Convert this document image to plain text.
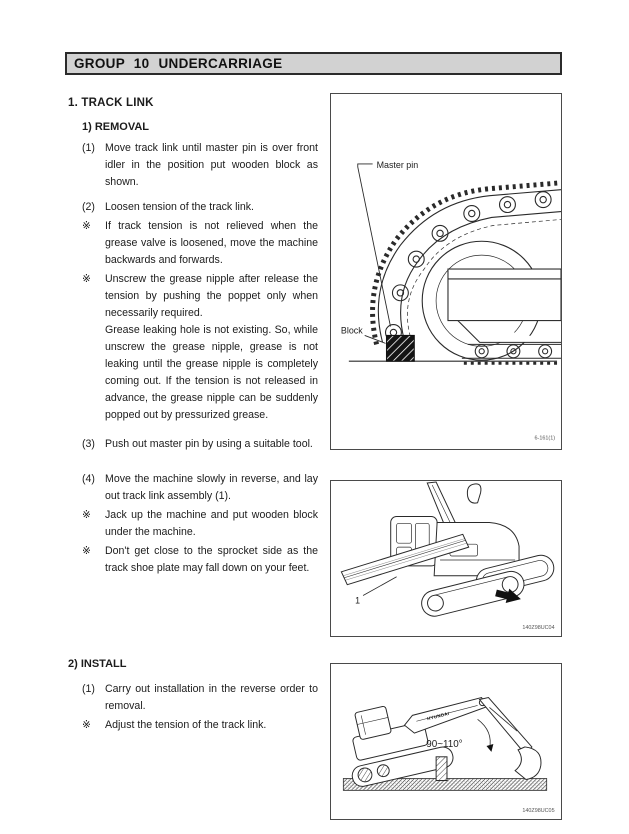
GROUP 10 UNDERCARRIAGE
1. TRACK LINK
1) REMOVAL
(1) Move track link until master pin is over front idler in the position put wooden block as shown.
(2) Loosen tension of the track link.
※	If track tension is not relieved when the grease valve is loosened, move the machine backwards and forwards.
※	Unscrew the grease nipple after release the tension by pushing the poppet only when necessarily required.
Grease leaking hole is not existing. So, while unscrew the grease nipple, grease is not leaking until the grease nipple is completely coming out. If the tension is not released in advance, the grease nipple can be suddenly popped out by pressurized grease.
(3) Push out master pin by using a suitable tool.
(4) Move the machine slowly in reverse, and lay out track link assembly (1).
※	Jack up the machine and put wooden block under the machine.
※	Don't get close to the sprocket side as the track shoe plate may fall down on your feet.
2) INSTALL
(1) Carry out installation in the reverse order to removal.
※	Adjust the tension of the track link.
Master pin
Block
6-161(1)
1
140Z98UC04
HYUNDAI
90~110°
140Z98UC05
